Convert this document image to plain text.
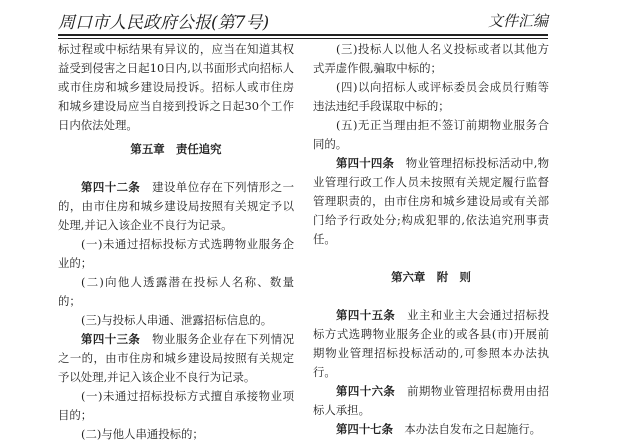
周口市人民政府公报(第7号)	文件汇编

标过程或中标结果有异议的，应当在知道其权益受到侵害之日起10日内,以书面形式向招标人或市住房和城乡建设局投诉。招标人或市住房和城乡建设局应当自接到投诉之日起30个工作日内依法处理。

第五章　责任追究

第四十二条　建设单位存在下列情形之一的，由市住房和城乡建设局按照有关规定予以处理,并记入该企业不良行为记录。

(一)未通过招标投标方式选聘物业服务企业的；

(二)向他人透露潜在投标人名称、数量的；

(三)与投标人串通、泄露招标信息的。

第四十三条　物业服务企业存在下列情况之一的，由市住房和城乡建设局按照有关规定予以处理,并记入该企业不良行为记录。

(一)未通过招标投标方式擅自承接物业项目的；

(二)与他人串通投标的；

(三)投标人以他人名义投标或者以其他方式弄虚作假,骗取中标的；

(四)以向招标人或评标委员会成员行贿等违法违纪手段谋取中标的；

(五)无正当理由拒不签订前期物业服务合同的。

第四十四条　物业管理招标投标活动中,物业管理行政工作人员未按照有关规定履行监督管理职责的，由市住房和城乡建设局或有关部门给予行政处分;构成犯罪的,依法追究刑事责任。

第六章　附　则

第四十五条　业主和业主大会通过招标投标方式选聘物业服务企业的或各县(市)开展前期物业管理招标投标活动的,可参照本办法执行。

第四十六条　前期物业管理招标费用由招标人承担。

第四十七条　本办法自发布之日起施行。
